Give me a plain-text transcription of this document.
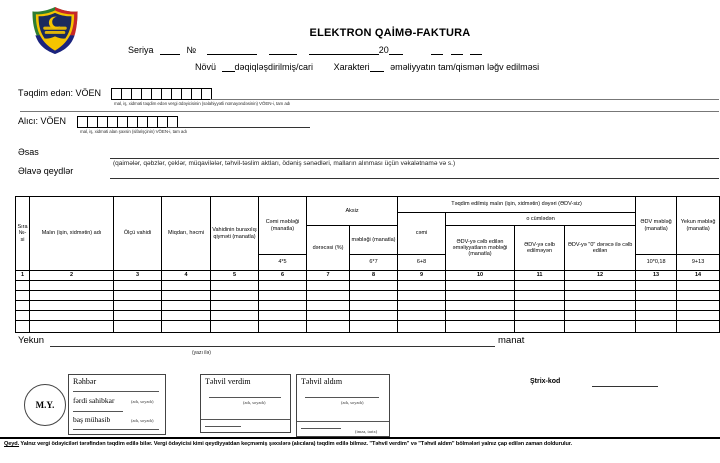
ELEKTRON QAİMƏ-FAKTURA
Seriya	№	20
Növü dəqiqləşdirilmiş/cari Xarakteri əməliyyatın tam/qismən ləğv edilməsi
Təqdim edən: VÖEN
mal, iş, xidməti təqdim edən vergi ödəyicisinin (səlahiyyətli nümayəndəsinin) VÖEN-i, tam adı
Alıcı: VÖEN
mal, iş, xidməti alan şəxsin (sifarişçinin) VÖEN-i, tam adı
Əsas
(qaimələr, qəbzlər, çeklər, müqavilələr, təhvil-təslim aktları, ödəniş sənədləri, malların alınması üçün vəkalətnamə və s.)
Əlavə qeydlər
Sıra №-si	Malın (işin, xidmətin) adı	Ölçü vahidi	Miqdarı, həcmi	Vahidinin buraxılış qiyməti (manatla)	Cəmi məbləği (manatla)	Aksiz		Təqdim edilmiş malın (işin, xidmətin) dəyəri (ƏDV-siz)				ƏDV məbləğ (manatla)	Yekun məbləğ (manatla)
								cəmi	o cümlədən				
						dərəcəsi (%)	məbləği (manatla)		ƏDV-yə cəlb edilən əməliyyatların məbləği (manatla)	ƏDV-yə cəlb edilməyən	ƏDV-yə "0" dərəcə ilə cəlb edilən		
					4*5		6*7	6+8				10*0,18	9+13
1	2	3	4	5	6	7	8	9	10	11	12	13	14

Yekun	manat
(yazı ilə)
M.Y.
Rəhbər
fərdi sahibkar	(adı, soyadı)
baş mühasib	(adı, soyadı)
Təhvil verdim
(adı, soyadı)
Təhvil aldım
(adı, soyadı)
(imza, tarix)
Ştrix-kod
Qeyd. Yalnız vergi ödəyiciləri tərəfindən təqdim edilə bilər. Vergi ödəyicisi kimi qeydiyyatdan keçməmiş şəxslərə (alıcılara) təqdim edilə bilməz. "Təhvil verdim" və "Təhvil aldım" bölmələri yalnız çap edilən zaman doldurulur.
